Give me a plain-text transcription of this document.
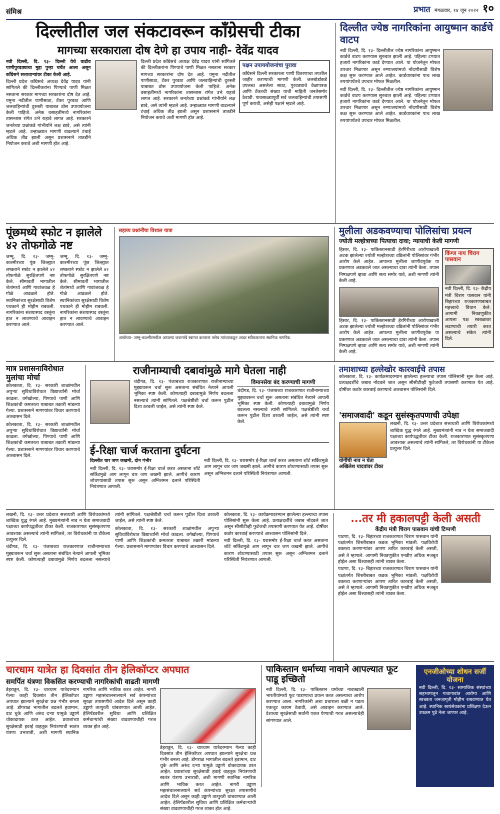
संमिश्र	प्रभात मंगळवार, १४ जून २०२२ १०
दिल्लीतील जल संकटावरून काँग्रेसची टीका
मागच्या सरकाराला दोष देणे हा उपाय नाही- देवेंद्र यादव

नवी दिल्ली, दि. १३- दिल्ली येथे वाढीव पाणीपुरवठ्याचा मुद्दा पुन्हा चर्चेत आला असून काँग्रेसने सत्ताधाऱ्यांवर टीका केली आहे.

दिल्ली प्रदेश काँग्रेसचे अध्यक्ष देवेंद्र यादव यांनी सांगितले की दिल्लीकरांना पिण्याचे पाणी मिळत नसताना सरकार मागच्या सरकारांना दोष देत आहे. यमुना नदीतील पाणीसाठा, टँकर पुरवठा आणि जलवाहिन्यांची दुरुस्ती याबाबत ठोस उपाययोजना केली पाहिजे. अनेक वसाहतींमध्ये नागरिकांना तासन्तास रांगेत उभे राहावे लागत आहे. सरकारने जनतेच्या प्रश्नांकडे गांभीर्याने लक्ष द्यावे, असे त्यांनी म्हटले आहे. उन्हाळ्यात मागणी वाढल्याने टंचाई अधिक तीव्र झाली असून प्रशासनाने तातडीने नियोजन करावे अशी मागणी होत आहे.

दिल्ली प्रदेश काँग्रेसचे अध्यक्ष देवेंद्र यादव यांनी सांगितले की दिल्लीकरांना पिण्याचे पाणी मिळत नसताना सरकार मागच्या सरकारांना दोष देत आहे. यमुना नदीतील पाणीसाठा, टँकर पुरवठा आणि जलवाहिन्यांची दुरुस्ती याबाबत ठोस उपाययोजना केली पाहिजे. अनेक वसाहतींमध्ये नागरिकांना तासन्तास रांगेत उभे राहावे लागत आहे. सरकारने जनतेच्या प्रश्नांकडे गांभीर्याने लक्ष द्यावे, असे त्यांनी म्हटले आहे. उन्हाळ्यात मागणी वाढल्याने टंचाई अधिक तीव्र झाली असून प्रशासनाने तातडीने नियोजन करावे अशी मागणी होत आहे.

पक्षन उपाययोजनांचा पुरावा

काँग्रेसने दिल्ली सरकारला पाणी वितरणाचा तपशील जाहीर करण्याची मागणी केली. जलबोर्डाकडे उपलब्ध असलेला साठा, पुरवठ्याचे वेळापत्रक आणि टँकरची संख्या याची माहिती जनतेसमोर ठेवावी. पावसाळ्यापूर्वी सर्व जलवाहिन्यांची तपासणी पूर्ण करावी, असेही पक्षाने म्हटले आहे.

दिल्लीत ज्येष्ठ नागरिकांना आयुष्मान कार्डचे वाटप

नवी दिल्ली, दि. १३- दिल्लीतील ज्येष्ठ नागरिकांना आयुष्मान कार्डचे वाटप करण्यास सुरुवात झाली आहे. पहिल्या टप्प्यात हजारो नागरिकांना कार्ड देण्यात आले. या योजनेतून मोफत उपचार मिळणार असून रुग्णालयांमध्ये नोंदणीसाठी विशेष कक्ष सुरू करण्यात आले आहेत. कार्डधारकांना पाच लाख रुपयांपर्यंतचे उपचार मोफत मिळतील.

नवी दिल्ली, दि. १३- दिल्लीतील ज्येष्ठ नागरिकांना आयुष्मान कार्डचे वाटप करण्यास सुरुवात झाली आहे. पहिल्या टप्प्यात हजारो नागरिकांना कार्ड देण्यात आले. या योजनेतून मोफत उपचार मिळणार असून रुग्णालयांमध्ये नोंदणीसाठी विशेष कक्ष सुरू करण्यात आले आहेत. कार्डधारकांना पाच लाख रुपयांपर्यंतचे उपचार मोफत मिळतील.

पूंछमध्ये स्फोट न झालेले ४२ तोफगोळे नष्ट

जम्मू, दि. १३- जम्मू-काश्मीरच्या पूंछ जिल्ह्यात लष्कराने स्फोट न झालेले ४२ तोफगोळे सुरक्षितपणे नष्ट केले. सीमावर्ती भागातील शेतांमध्ये आणि गावांजवळ हे गोळे आढळले होते. स्थानिकांच्या सुरक्षेसाठी विशेष पथकाने ही मोहीम राबवली. नागरिकांना संशयास्पद वस्तूंना हात न लावण्याचे आवाहन करण्यात आले.

जम्मू, दि. १३- जम्मू-काश्मीरच्या पूंछ जिल्ह्यात लष्कराने स्फोट न झालेले ४२ तोफगोळे सुरक्षितपणे नष्ट केले. सीमावर्ती भागातील शेतांमध्ये आणि गावांजवळ हे गोळे आढळले होते. स्थानिकांच्या सुरक्षेसाठी विशेष पथकाने ही मोहीम राबवली. नागरिकांना संशयास्पद वस्तूंना हात न लावण्याचे आवाहन करण्यात आले.

सहाय्य प्रश्नांनींचा विशाल यात्रा
आयोध्या- जम्मू-काश्मीरमधील आपल्या जवानांचे स्वागत करताना तसेच त्यांच्याकडून आदर स्वीकारताना स्थानिक नागरिक.
मुलीला अडकवण्याचा पोलिसांचा प्रयत्न
ज्योती मल्होत्राच्या पित्याचा दावा; न्यायाची केली मागणी

हिसार, दि. १३- पाकिस्तानसाठी हेरगिरीच्या आरोपाखाली अटक झालेल्या ज्योती मल्होत्राच्या वडिलांनी पोलिसांवर गंभीर आरोप केले आहेत. आपल्या मुलीला जाणीवपूर्वक या प्रकरणात अडकवले जात असल्याचा दावा त्यांनी केला. तपास निष्पक्षपणे व्हावा आणि सत्य समोर यावे, अशी मागणी त्यांनी केली आहे.

हिसार, दि. १३- पाकिस्तानसाठी हेरगिरीच्या आरोपाखाली अटक झालेल्या ज्योती मल्होत्राच्या वडिलांनी पोलिसांवर गंभीर आरोप केले आहेत. आपल्या मुलीला जाणीवपूर्वक या प्रकरणात अडकवले जात असल्याचा दावा त्यांनी केला. तपास निष्पक्षपणे व्हावा आणि सत्य समोर यावे, अशी मागणी त्यांनी केली आहे.

किंग्ज नाय चिराग पासवान

नवी दिल्ली, दि. १३- केंद्रीय मंत्री चिराग पासवान यांनी बिहारच्या राजकारणाबाबत महत्त्वाचे विधान केले. आगामी निवडणुकीत आपला पक्ष स्वबळावर लढण्याची तयारी करत असल्याचे संकेत त्यांनी दिले.

मात्र प्रशासनाविरोधात मुलांचा मोर्चा

कोलकाता, दि. १३- सरकारी शाळांमधील अपुऱ्या सुविधांविरोधात विद्यार्थ्यांनी मोर्चा काढला. वर्गखोल्या, पिण्याचे पाणी आणि शिक्षकांची कमतरता याबाबत तक्रारी मांडल्या गेल्या. प्रशासनाने मागण्यांवर विचार करण्याचे आश्वासन दिले.

कोलकाता, दि. १३- सरकारी शाळांमधील अपुऱ्या सुविधांविरोधात विद्यार्थ्यांनी मोर्चा काढला. वर्गखोल्या, पिण्याचे पाणी आणि शिक्षकांची कमतरता याबाबत तक्रारी मांडल्या गेल्या. प्रशासनाने मागण्यांवर विचार करण्याचे आश्वासन दिले.

राजीनाम्याची दबावांमुळे मागे घेतला नाही

चंदीगड, दि. १३- पंजाबच्या राजकारणात राजीनाम्याच्या मुद्द्यावरून चर्चा सुरू असताना संबंधित नेत्याने आपली भूमिका स्पष्ट केली. कोणत्याही दबावामुळे निर्णय बदलला नसल्याचे त्यांनी सांगितले. पक्षश्रेष्ठींशी चर्चा करून पुढील दिशा ठरवली जाईल, असे त्यांनी स्पष्ट केले.

विमानसेवा बंद करण्याची मागणी

चंदीगड, दि. १३- पंजाबच्या राजकारणात राजीनाम्याच्या मुद्द्यावरून चर्चा सुरू असताना संबंधित नेत्याने आपली भूमिका स्पष्ट केली. कोणत्याही दबावामुळे निर्णय बदलला नसल्याचे त्यांनी सांगितले. पक्षश्रेष्ठींशी चर्चा करून पुढील दिशा ठरवली जाईल, असे त्यांनी स्पष्ट केले.

ई-रिक्षा चार्ज करताना दुर्घटना

दिल्लीत चार जण जखमी, दोन गंभीर

नवी दिल्ली, दि. १३- घरासमोर ई-रिक्षा चार्ज करत असताना शॉर्ट सर्किटमुळे आग लागून चार जण जखमी झाले. आगीचे कारण शोधण्यासाठी तपास सुरू असून अग्निशमन दलाने परिस्थिती नियंत्रणात आणली.

नवी दिल्ली, दि. १३- घरासमोर ई-रिक्षा चार्ज करत असताना शॉर्ट सर्किटमुळे आग लागून चार जण जखमी झाले. आगीचे कारण शोधण्यासाठी तपास सुरू असून अग्निशमन दलाने परिस्थिती नियंत्रणात आणली.

तमाशाच्या हल्लेखोर कारवाईचे तपास

कोलकाता, दि. १३- कार्यक्रमादरम्यान झालेल्या हल्ल्याचा तपास पोलिसांनी सुरू केला आहे. प्रत्यक्षदर्शींचे जबाब नोंदवले जात असून सीसीटीव्ही फुटेजची तपासणी करण्यात येत आहे. दोषींवर कठोर कारवाई करण्याचे आश्वासन पोलिसांनी दिले.

'समाजवादी' कडून सुसंस्कृतपणाची उपेक्षा
योगींची नाव न घेता अखिलेश यादवांवर टीका

लखनौ, दि. १३- उत्तर प्रदेशात सत्ताधारी आणि विरोधकांमध्ये शाब्दिक युद्ध रंगले आहे. मुख्यमंत्र्यांनी नाव न घेता समाजवादी पक्षाच्या कार्यपद्धतीवर टीका केली. राजकारणात सुसंस्कृतपणा आवश्यक असल्याचे त्यांनी सांगितले, तर विरोधकांनी या टीकेला प्रत्युत्तर दिले.

लखनौ, दि. १३- उत्तर प्रदेशात सत्ताधारी आणि विरोधकांमध्ये शाब्दिक युद्ध रंगले आहे. मुख्यमंत्र्यांनी नाव न घेता समाजवादी पक्षाच्या कार्यपद्धतीवर टीका केली. राजकारणात सुसंस्कृतपणा आवश्यक असल्याचे त्यांनी सांगितले, तर विरोधकांनी या टीकेला प्रत्युत्तर दिले.

चंदीगड, दि. १३- पंजाबच्या राजकारणात राजीनाम्याच्या मुद्द्यावरून चर्चा सुरू असताना संबंधित नेत्याने आपली भूमिका स्पष्ट केली. कोणत्याही दबावामुळे निर्णय बदलला नसल्याचे त्यांनी सांगितले. पक्षश्रेष्ठींशी चर्चा करून पुढील दिशा ठरवली जाईल, असे त्यांनी स्पष्ट केले.

कोलकाता, दि. १३- सरकारी शाळांमधील अपुऱ्या सुविधांविरोधात विद्यार्थ्यांनी मोर्चा काढला. वर्गखोल्या, पिण्याचे पाणी आणि शिक्षकांची कमतरता याबाबत तक्रारी मांडल्या गेल्या. प्रशासनाने मागण्यांवर विचार करण्याचे आश्वासन दिले.

कोलकाता, दि. १३- कार्यक्रमादरम्यान झालेल्या हल्ल्याचा तपास पोलिसांनी सुरू केला आहे. प्रत्यक्षदर्शींचे जबाब नोंदवले जात असून सीसीटीव्ही फुटेजची तपासणी करण्यात येत आहे. दोषींवर कठोर कारवाई करण्याचे आश्वासन पोलिसांनी दिले.

नवी दिल्ली, दि. १३- घरासमोर ई-रिक्षा चार्ज करत असताना शॉर्ट सर्किटमुळे आग लागून चार जण जखमी झाले. आगीचे कारण शोधण्यासाठी तपास सुरू असून अग्निशमन दलाने परिस्थिती नियंत्रणात आणली.

...तर मी हकालपट्टी केली असती
केंद्रीय मंत्री चिराग पासवान यांची टिप्पणी

पाटणा, दि. १३- बिहारच्या राजकारणात चिराग पासवान यांनी पक्षांतर्गत शिस्तीबाबत कडक भूमिका मांडली. पक्षविरोधी वक्तव्य करणाऱ्यांवर आपण त्वरित कारवाई केली असती, असे ते म्हणाले. आगामी निवडणुकीत एनडीए अधिक मजबूत होईल असा विश्वासही त्यांनी व्यक्त केला.

पाटणा, दि. १३- बिहारच्या राजकारणात चिराग पासवान यांनी पक्षांतर्गत शिस्तीबाबत कडक भूमिका मांडली. पक्षविरोधी वक्तव्य करणाऱ्यांवर आपण त्वरित कारवाई केली असती, असे ते म्हणाले. आगामी निवडणुकीत एनडीए अधिक मजबूत होईल असा विश्वासही त्यांनी व्यक्त केला.

चारधाम यात्रेत हा दिवसांत तीन हेलिकॉप्टर अपघात
समर्पित यंत्रणा विकसित करण्याची नागरिकांची वाढती मागणी

डेहराडून, दि. १३- चारधाम यात्रेदरम्यान गेल्या काही दिवसांत तीन हेलिकॉप्टर अपघात झाल्याने सुरक्षेचा प्रश्न गंभीर बनला आहे. डोंगराळ भागातील बदलते हवामान, दाट धुके आणि अरुंद दऱ्या यामुळे उड्डाणे धोकादायक ठरत आहेत. प्रवाशांच्या सुरक्षेसाठी हवाई वाहतूक नियंत्रणाची स्वतंत्र यंत्रणा उभारावी, अशी मागणी स्थानिक नागरिक आणि भाविक करत आहेत. नागरी उड्डाण महासंचालनालयाने सर्व कंपन्यांच्या सुरक्षा तपासणीचे आदेश दिले असून काही उड्डाणे तात्पुरती थांबवण्यात आली आहेत. हेलिपॅडवरील सुविधा आणि प्रशिक्षित कर्मचाऱ्यांची संख्या वाढवण्याचीही गरज व्यक्त होत आहे.

डेहराडून, दि. १३- चारधाम यात्रेदरम्यान गेल्या काही दिवसांत तीन हेलिकॉप्टर अपघात झाल्याने सुरक्षेचा प्रश्न गंभीर बनला आहे. डोंगराळ भागातील बदलते हवामान, दाट धुके आणि अरुंद दऱ्या यामुळे उड्डाणे धोकादायक ठरत आहेत. प्रवाशांच्या सुरक्षेसाठी हवाई वाहतूक नियंत्रणाची स्वतंत्र यंत्रणा उभारावी, अशी मागणी स्थानिक नागरिक आणि भाविक करत आहेत. नागरी उड्डाण महासंचालनालयाने सर्व कंपन्यांच्या सुरक्षा तपासणीचे आदेश दिले असून काही उड्डाणे तात्पुरती थांबवण्यात आली आहेत. हेलिपॅडवरील सुविधा आणि प्रशिक्षित कर्मचाऱ्यांची संख्या वाढवण्याचीही गरज व्यक्त होत आहे.

पाकिस्तान धर्माच्या नावाने आपल्यात फूट पाडू इच्छितो

नवी दिल्ली, दि. १३- पाकिस्तान धर्माच्या नावाखाली भारतीयांमध्ये फूट पाडण्याचा प्रयत्न करत असल्याचा आरोप करण्यात आला. नागरिकांनी अशा प्रचाराला बळी न पडता एकजूट कायम ठेवावी, असे आवाहन करण्यात आले. देशाच्या सुरक्षेसाठी सर्वांनी एकत्र येण्याची गरज असल्याचेही सांगण्यात आले.

एनजीओच्या शोधन सर्जी योजना

नवी दिल्ली, दि. १३- सामाजिक संस्थांच्या सहभागातून गावागावांत आरोग्य आणि स्वच्छता जनजागृती मोहीम राबवण्यात येत आहे. स्थानिक स्वयंसेवकांना प्रशिक्षण देऊन उपक्रम पुढे नेला जाणार आहे.
